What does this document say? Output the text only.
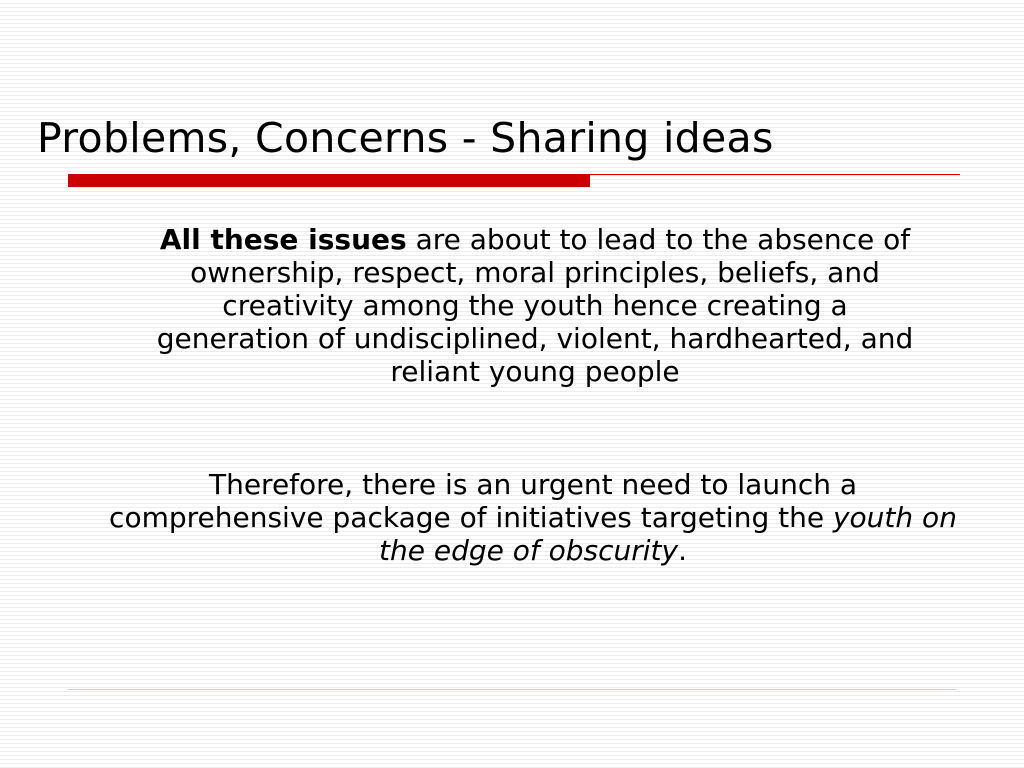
Problems, Concerns - Sharing ideas

All these issues are about to lead to the absence of ownership, respect, moral principles, beliefs, and creativity among the youth hence creating a generation of undisciplined, violent, hardhearted, and reliant young people

Therefore, there is an urgent need to launch a comprehensive package of initiatives targeting the youth on the edge of obscurity.
